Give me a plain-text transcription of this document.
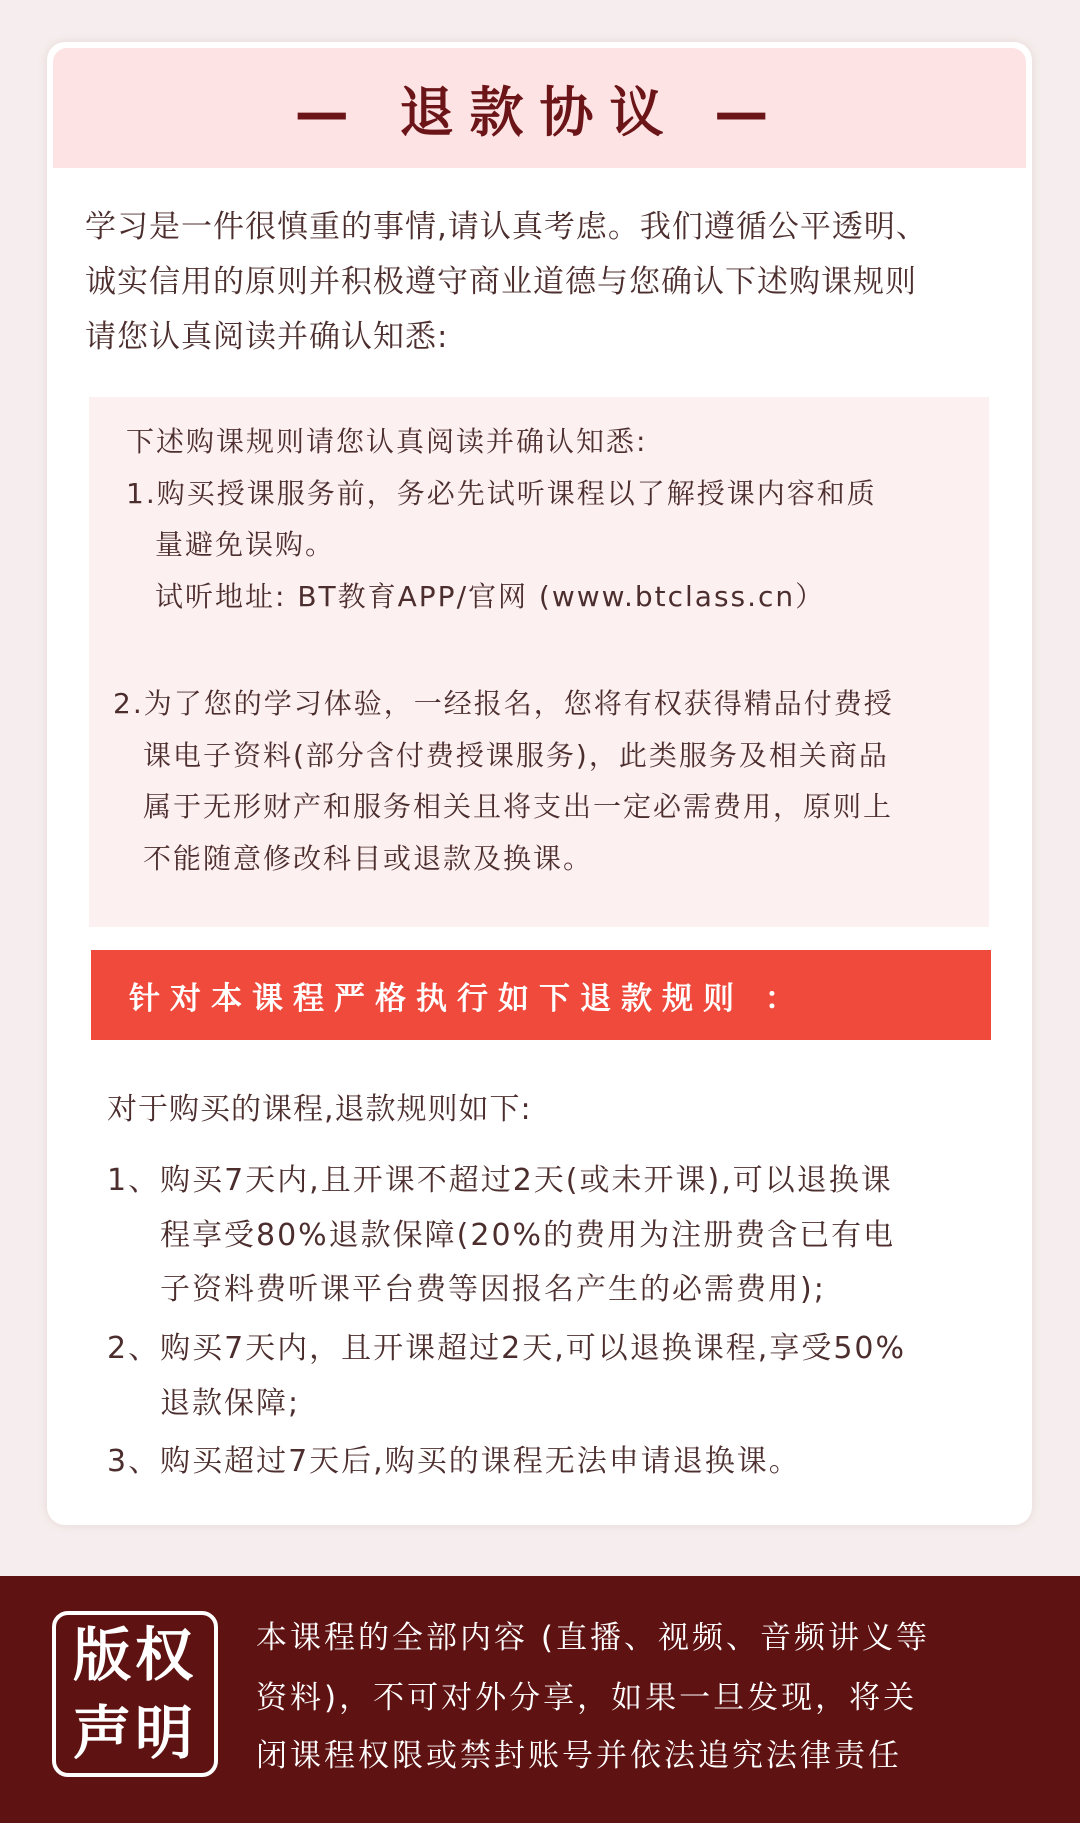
— 退款协议 —
学习是一件很慎重的事情,请认真考虑。我们遵循公平透明、
诚实信用的原则并积极遵守商业道德与您确认下述购课规则
请您认真阅读并确认知悉:

下述购课规则请您认真阅读并确认知悉:

1.购买授课服务前，务必先试听课程以了解授课内容和质

量避免误购。

试听地址: BT教育APP/官网 (www.btclass.cn）

2.为了您的学习体验，一经报名，您将有权获得精品付费授

课电子资料(部分含付费授课服务)，此类服务及相关商品

属于无形财产和服务相关且将支出一定必需费用，原则上

不能随意修改科目或退款及换课。

针对本课程严格执行如下退款规则 ：
对于购买的课程,退款规则如下:
1、购买7天内,且开课不超过2天(或未开课),可以退换课
程享受80%退款保障(20%的费用为注册费含已有电
子资料费听课平台费等因报名产生的必需费用);
2、购买7天内，且开课超过2天,可以退换课程,享受50%
退款保障;
3、购买超过7天后,购买的课程无法申请退换课。
版权声明

本课程的全部内容 (直播、视频、音频讲义等

资料)，不可对外分享，如果一旦发现，将关

闭课程权限或禁封账号并依法追究法律责任
